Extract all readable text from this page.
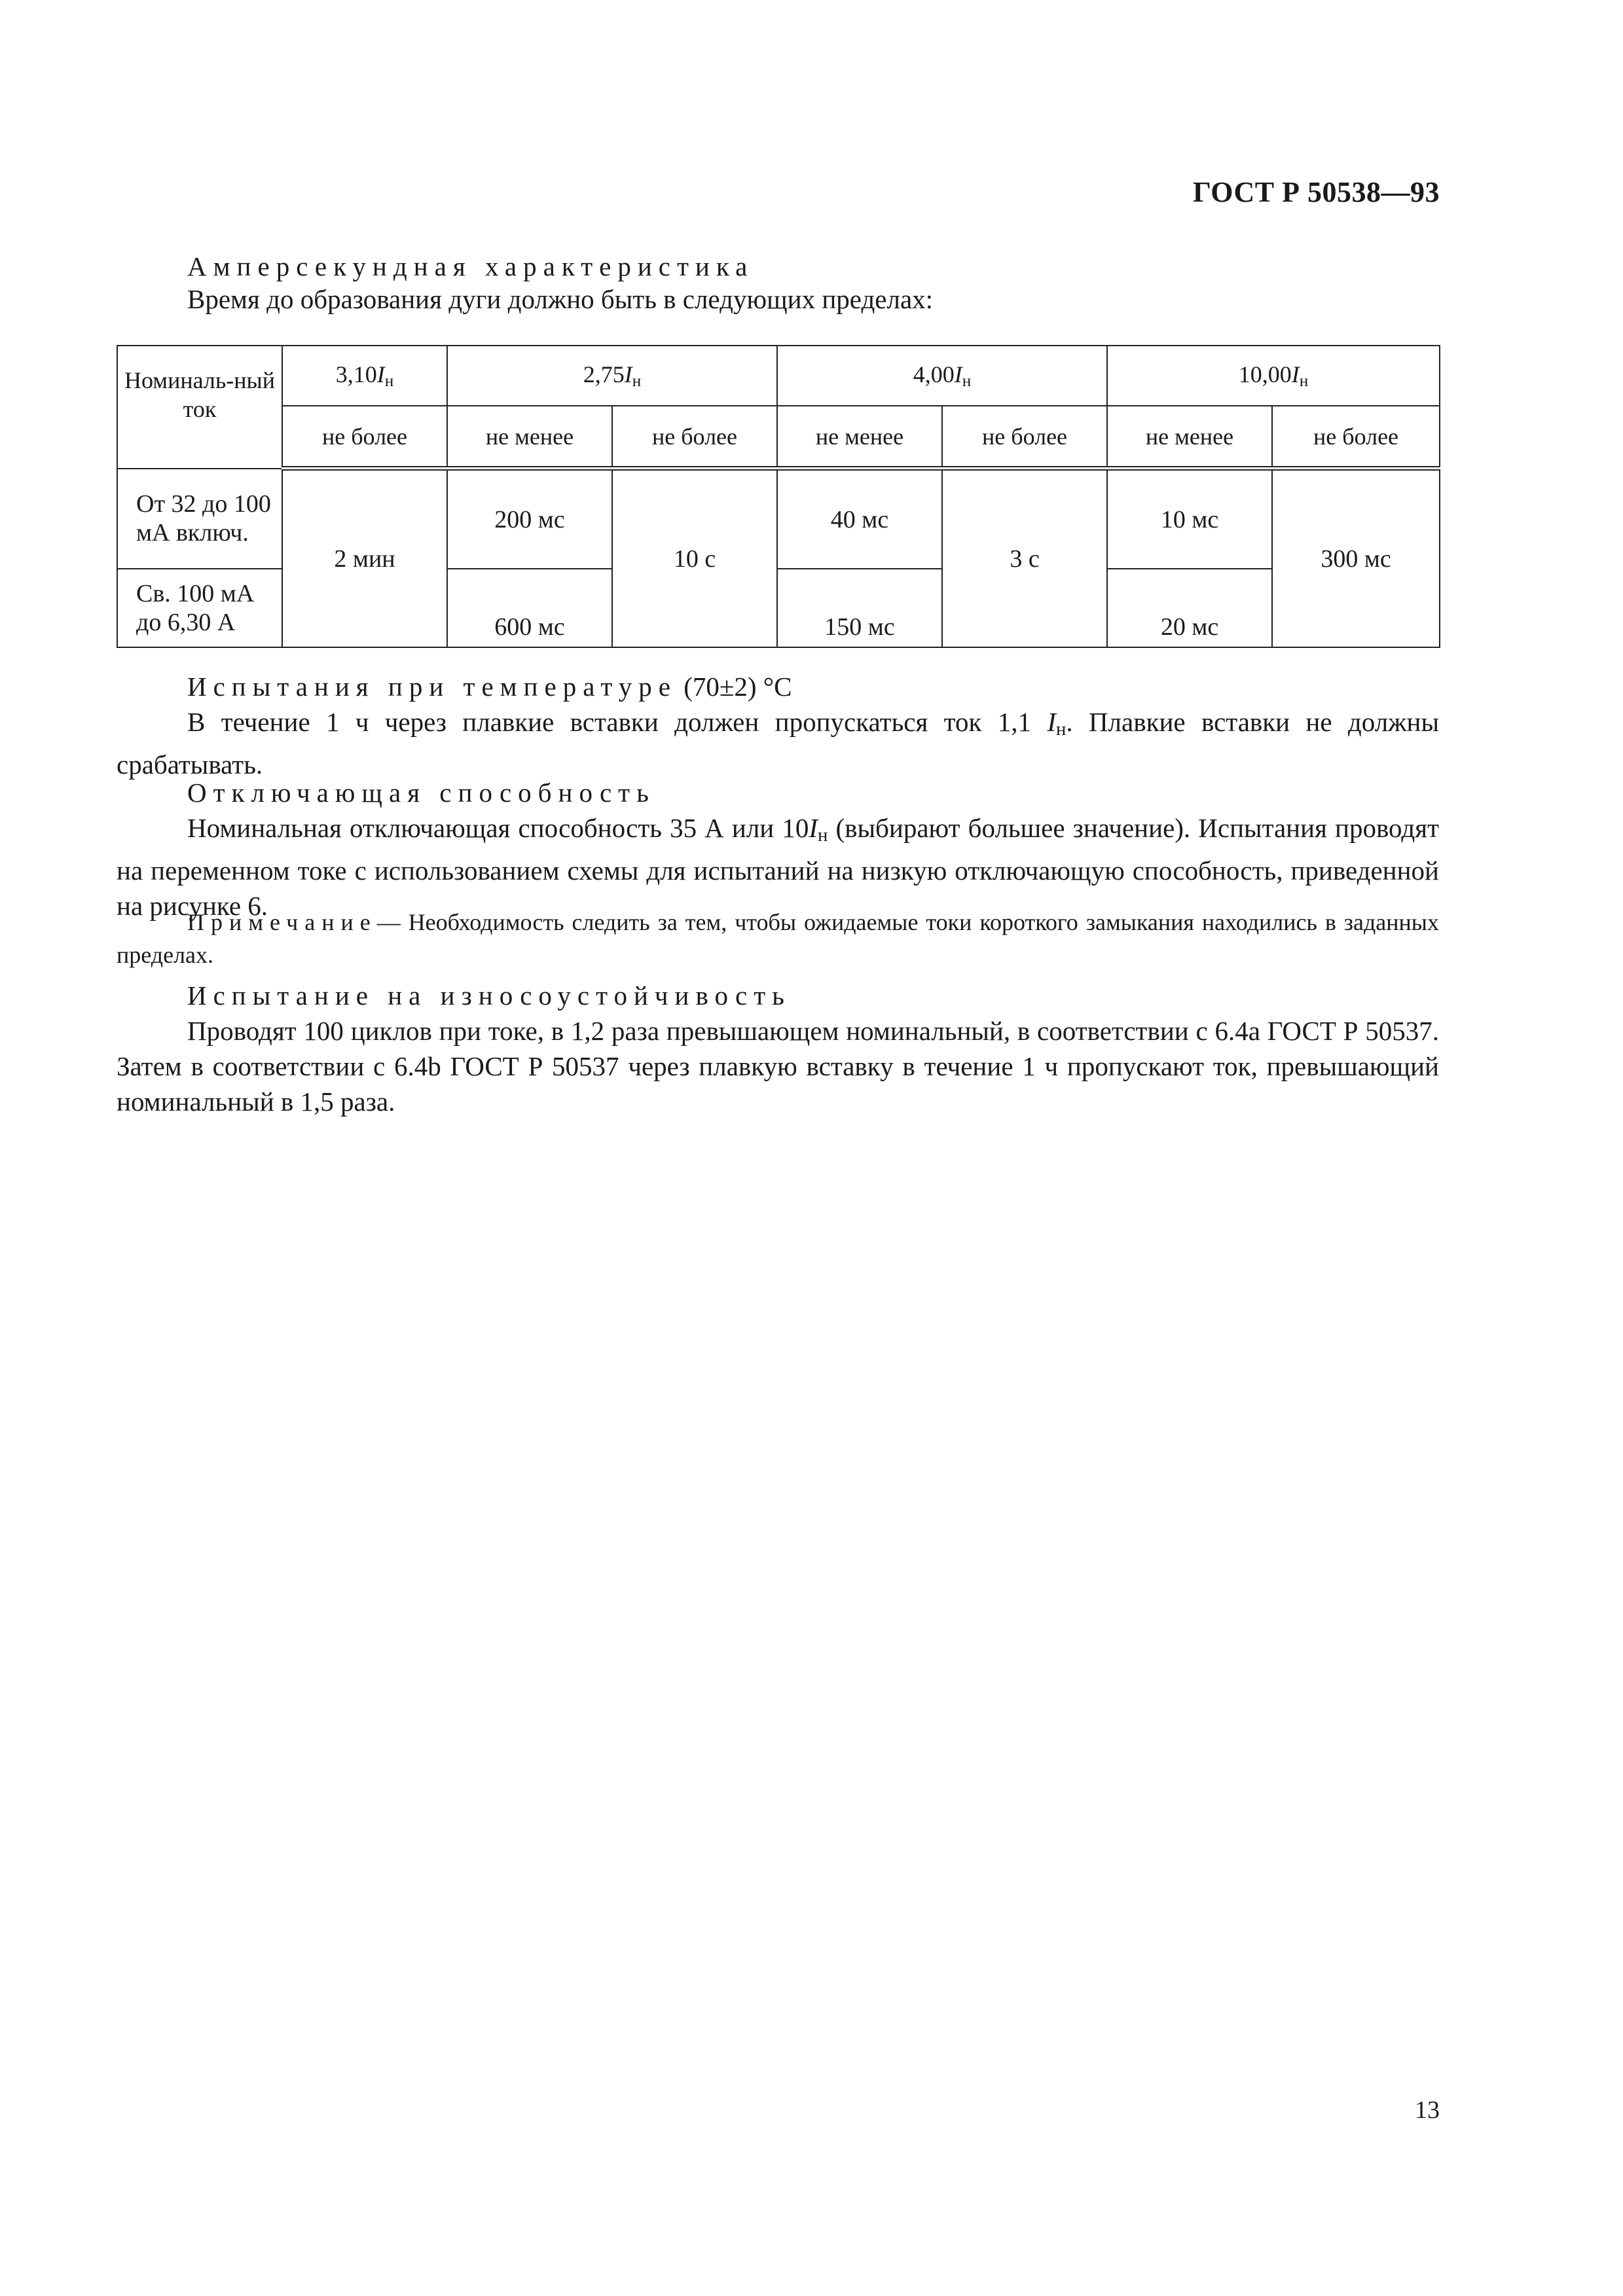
ГОСТ Р 50538—93
Амперсекундная характеристика
Время до образования дуги должно быть в следующих пределах:
Номиналь-ный ток	$3,10I_н$	$2,75I_н$		$4,00I_н$		$10,00I_н$
	не более	не менее	не более	не менее	не более	не менее	не более
От 32 до 100 мА включ.	2 мин	200 мс	10 с	40 мс	3 с	10 мс	300 мс
Св. 100 мА до 6,30 А		600 мс		150 мс		20 мс	
Испытания при температуре (70±2) °С

В течение 1 ч через плавкие вставки должен пропускаться ток 1,1 $I_н$. Плавкие вставки не должны срабатывать.

Отключающая способность

Номинальная отключающая способность 35 А или $10I_н$ (выбирают большее значение). Испытания проводят на переменном токе с использованием схемы для испытаний на низкую отключающую способность, приведенной на рисунке 6.

Примечание— Необходимость следить за тем, чтобы ожидаемые токи короткого замыкания находились в заданных пределах.

Испытание на износоустойчивость

Проводят 100 циклов при токе, в 1,2 раза превышающем номинальный, в соответствии с 6.4а ГОСТ Р 50537. Затем в соответствии с 6.4b ГОСТ Р 50537 через плавкую вставку в течение 1 ч пропускают ток, превышающий номинальный в 1,5 раза.

13
